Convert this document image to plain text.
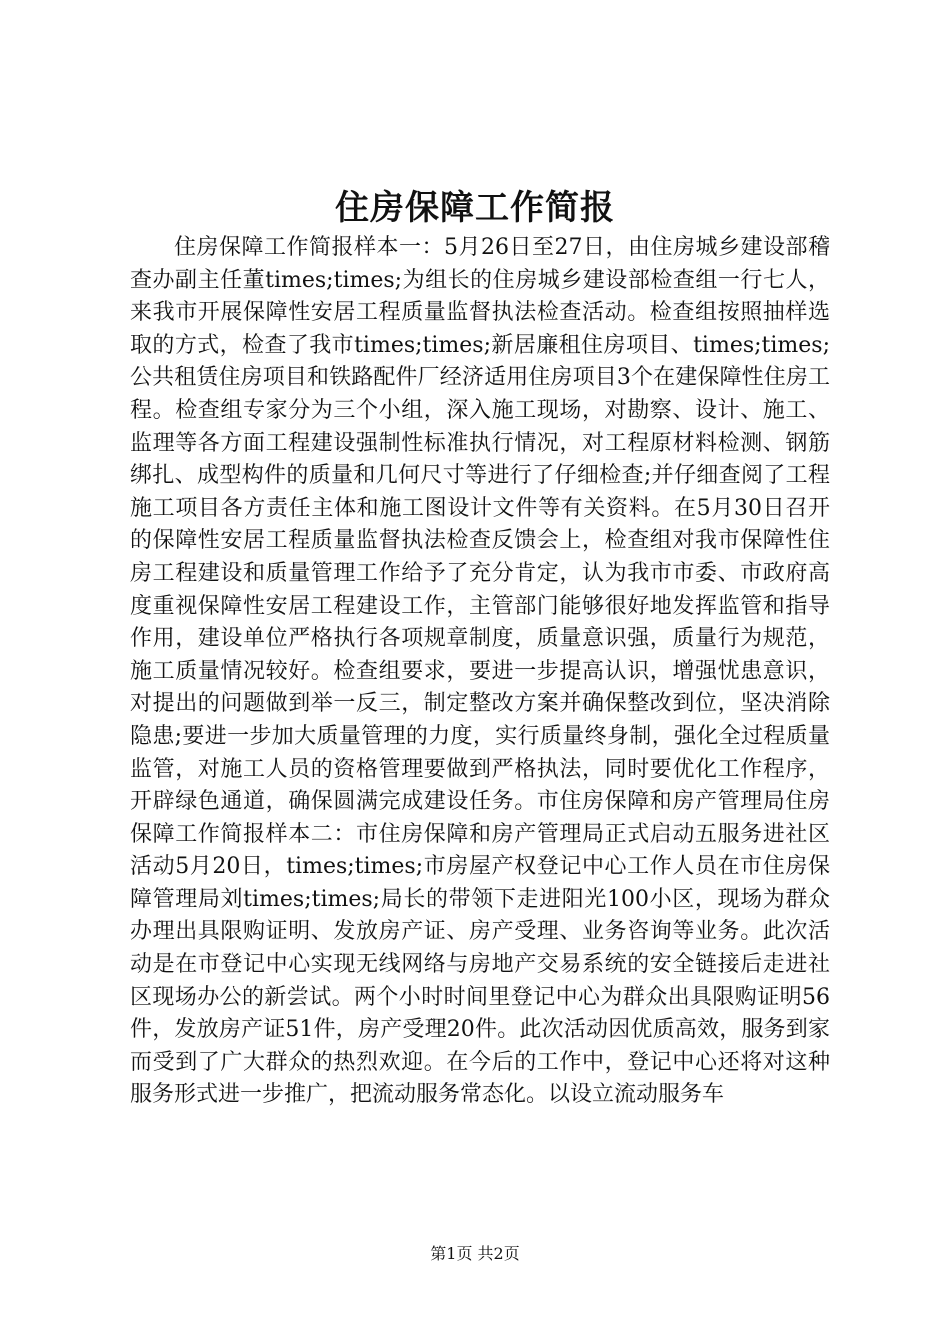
住房保障工作简报

住房保障工作简报样本一：5月26日至27日，由住房城乡建设部稽查办副主任董times;times;为组长的住房城乡建设部检查组一行七人，来我市开展保障性安居工程质量监督执法检查活动。检查组按照抽样选取的方式，检查了我市times;times;新居廉租住房项目、times;times;公共租赁住房项目和铁路配件厂经济适用住房项目3个在建保障性住房工程。检查组专家分为三个小组，深入施工现场，对勘察、设计、施工、监理等各方面工程建设强制性标准执行情况，对工程原材料检测、钢筋绑扎、成型构件的质量和几何尺寸等进行了仔细检查;并仔细查阅了工程施工项目各方责任主体和施工图设计文件等有关资料。在5月30日召开的保障性安居工程质量监督执法检查反馈会上，检查组对我市保障性住房工程建设和质量管理工作给予了充分肯定，认为我市市委、市政府高度重视保障性安居工程建设工作，主管部门能够很好地发挥监管和指导作用，建设单位严格执行各项规章制度，质量意识强，质量行为规范，施工质量情况较好。检查组要求，要进一步提高认识，增强忧患意识，对提出的问题做到举一反三，制定整改方案并确保整改到位，坚决消除隐患;要进一步加大质量管理的力度，实行质量终身制，强化全过程质量监管，对施工人员的资格管理要做到严格执法，同时要优化工作程序，开辟绿色通道，确保圆满完成建设任务。市住房保障和房产管理局住房保障工作简报样本二：市住房保障和房产管理局正式启动五服务进社区活动5月20日，times;times;市房屋产权登记中心工作人员在市住房保障管理局刘times;times;局长的带领下走进阳光100小区，现场为群众办理出具限购证明、发放房产证、房产受理、业务咨询等业务。此次活动是在市登记中心实现无线网络与房地产交易系统的安全链接后走进社区现场办公的新尝试。两个小时时间里登记中心为群众出具限购证明56件，发放房产证51件，房产受理20件。此次活动因优质高效，服务到家而受到了广大群众的热烈欢迎。在今后的工作中，登记中心还将对这种服务形式进一步推广，把流动服务常态化。以设立流动服务车

第1页 共2页
